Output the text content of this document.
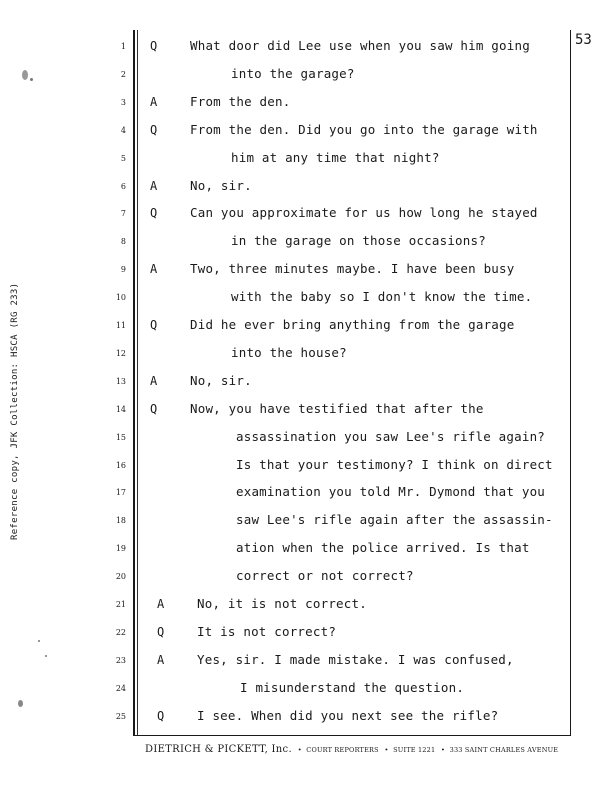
53
Reference copy, JFK Collection: HSCA (RG 233)
1 Q	What door did Lee use when you saw him going
2	into the garage?
3 A	From the den.
4 Q	From the den. Did you go into the garage with
5	him at any time that night?
6 A	No, sir.
7 Q	Can you approximate for us how long he stayed
8	in the garage on those occasions?
9 A	Two, three minutes maybe. I have been busy
10	with the baby so I don't know the time.
11 Q	Did he ever bring anything from the garage
12	into the house?
13 A	No, sir.
14 Q	Now, you have testified that after the
15	assassination you saw Lee's rifle again?
16	Is that your testimony? I think on direct
17	examination you told Mr. Dymond that you
18	saw Lee's rifle again after the assassin-
19	ation when the police arrived. Is that
20	correct or not correct?
21	A	No, it is not correct.
22	Q	It is not correct?
23	A	Yes, sir. I made mistake. I was confused,
24	I misunderstand the question.
25	Q	I see. When did you next see the rifle?
DIETRICH & PICKETT, Inc.  •  COURT REPORTERS  •  SUITE 1221  •  333 SAINT CHARLES AVENUE
